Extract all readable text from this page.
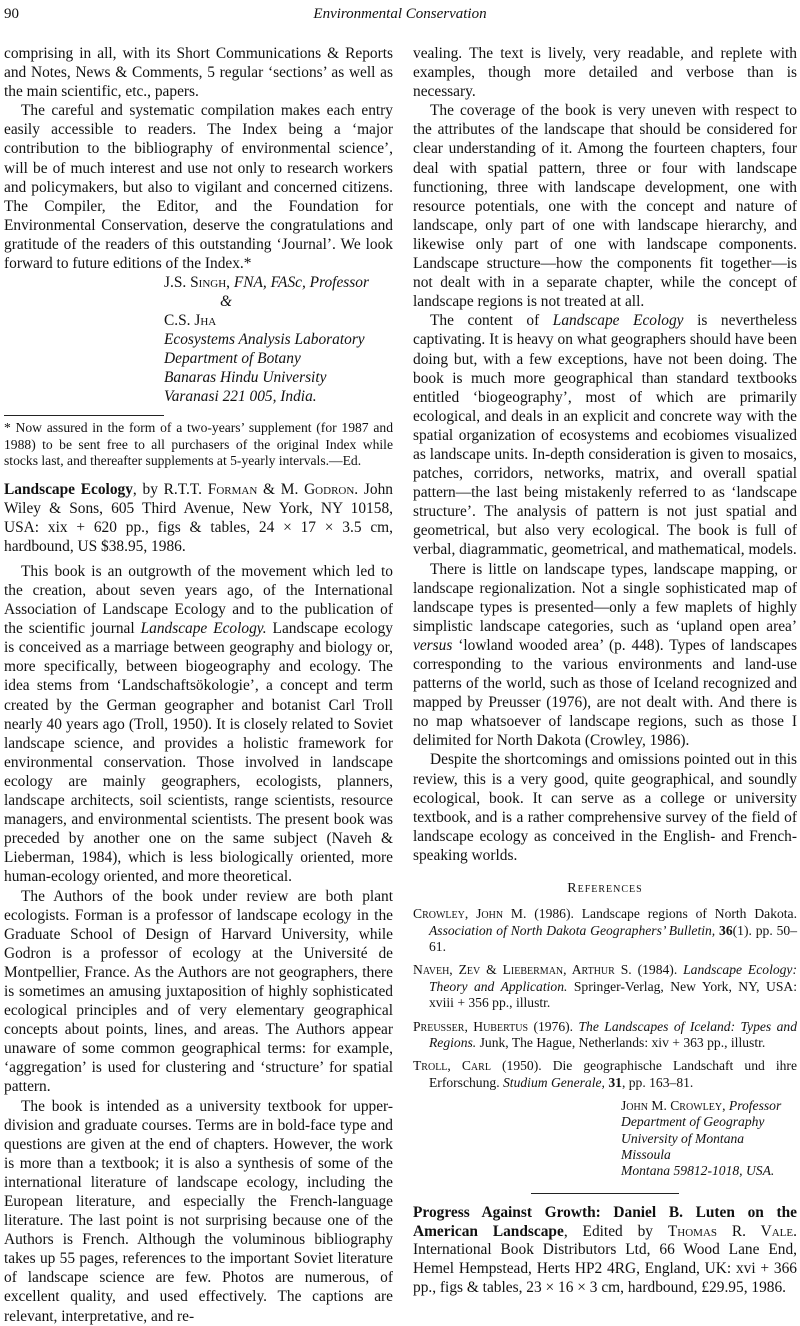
90	Environmental Conservation

comprising in all, with its Short Communications & Reports and Notes, News & Comments, 5 regular ‘sections’ as well as the main scientific, etc., papers.

The careful and systematic compilation makes each entry easily accessible to readers. The Index being a ‘major contribution to the bibliography of environmental science’, will be of much interest and use not only to research workers and policymakers, but also to vigilant and concerned citizens. The Compiler, the Editor, and the Foundation for Environmental Conservation, deserve the congratulations and gratitude of the readers of this outstanding ‘Journal’. We look forward to future editions of the Index.*

J.S. Singh, FNA, FASc, Professor
&
C.S. Jha
Ecosystems Analysis Laboratory
Department of Botany
Banaras Hindu University
Varanasi 221 005, India.
* Now assured in the form of a two-years’ supplement (for 1987 and 1988) to be sent free to all purchasers of the original Index while stocks last, and thereafter supplements at 5-yearly intervals.—Ed.
Landscape Ecology, by R.T.T. Forman & M. Godron. John Wiley & Sons, 605 Third Avenue, New York, NY 10158, USA: xix + 620 pp., figs & tables, 24 × 17 × 3.5 cm, hardbound, US $38.95, 1986.

This book is an outgrowth of the movement which led to the creation, about seven years ago, of the International Association of Landscape Ecology and to the publication of the scientific journal Landscape Ecology. Landscape ecology is conceived as a marriage between geography and biology or, more specifically, between biogeography and ecology. The idea stems from ‘Landschaftsökologie’, a concept and term created by the German geographer and botanist Carl Troll nearly 40 years ago (Troll, 1950). It is closely related to Soviet landscape science, and provides a holistic framework for environmental conservation. Those involved in landscape ecology are mainly geographers, ecologists, planners, landscape architects, soil scientists, range scientists, resource managers, and environmental scientists. The present book was preceded by another one on the same subject (Naveh & Lieberman, 1984), which is less biologically oriented, more human-ecology oriented, and more theoretical.

The Authors of the book under review are both plant ecologists. Forman is a professor of landscape ecology in the Graduate School of Design of Harvard University, while Godron is a professor of ecology at the Université de Montpellier, France. As the Authors are not geographers, there is sometimes an amusing juxtaposition of highly sophisticated ecological principles and of very elementary geographical concepts about points, lines, and areas. The Authors appear unaware of some common geographical terms: for example, ‘aggregation’ is used for clustering and ‘structure’ for spatial pattern.

The book is intended as a university textbook for upper-division and graduate courses. Terms are in bold-face type and questions are given at the end of chapters. However, the work is more than a textbook; it is also a synthesis of some of the international literature of landscape ecology, including the European literature, and especially the French-language literature. The last point is not surprising because one of the Authors is French. Although the voluminous bibliography takes up 55 pages, references to the important Soviet literature of landscape science are few. Photos are numerous, of excellent quality, and used effectively. The captions are relevant, interpretative, and re-

vealing. The text is lively, very readable, and replete with examples, though more detailed and verbose than is necessary.

The coverage of the book is very uneven with respect to the attributes of the landscape that should be considered for clear understanding of it. Among the fourteen chapters, four deal with spatial pattern, three or four with landscape functioning, three with landscape development, one with resource potentials, one with the concept and nature of landscape, only part of one with landscape hierarchy, and likewise only part of one with landscape components. Landscape structure—how the components fit together—is not dealt with in a separate chapter, while the concept of landscape regions is not treated at all.

The content of Landscape Ecology is nevertheless captivating. It is heavy on what geographers should have been doing but, with a few exceptions, have not been doing. The book is much more geographical than standard textbooks entitled ‘biogeography’, most of which are primarily ecological, and deals in an explicit and concrete way with the spatial organization of ecosystems and ecobiomes visualized as landscape units. In-depth consideration is given to mosaics, patches, corridors, networks, matrix, and overall spatial pattern—the last being mistakenly referred to as ‘landscape structure’. The analysis of pattern is not just spatial and geometrical, but also very ecological. The book is full of verbal, diagrammatic, geometrical, and mathematical, models.

There is little on landscape types, landscape mapping, or landscape regionalization. Not a single sophisticated map of landscape types is presented—only a few maplets of highly simplistic landscape categories, such as ‘upland open area’ versus ‘lowland wooded area’ (p. 448). Types of landscapes corresponding to the various environments and land-use patterns of the world, such as those of Iceland recognized and mapped by Preusser (1976), are not dealt with. And there is no map whatsoever of landscape regions, such as those I delimited for North Dakota (Crowley, 1986).

Despite the shortcomings and omissions pointed out in this review, this is a very good, quite geographical, and soundly ecological, book. It can serve as a college or university textbook, and is a rather comprehensive survey of the field of landscape ecology as conceived in the English- and French-speaking worlds.

References
Crowley, John M. (1986). Landscape regions of North Dakota. Association of North Dakota Geographers’ Bulletin, 36(1). pp. 50–61.
Naveh, Zev & Lieberman, Arthur S. (1984). Landscape Ecology: Theory and Application. Springer-Verlag, New York, NY, USA: xviii + 356 pp., illustr.
Preusser, Hubertus (1976). The Landscapes of Iceland: Types and Regions. Junk, The Hague, Netherlands: xiv + 363 pp., illustr.
Troll, Carl (1950). Die geographische Landschaft und ihre Erforschung. Studium Generale, 31, pp. 163–81.
John M. Crowley, Professor
Department of Geography
University of Montana
Missoula
Montana 59812-1018, USA.
Progress Against Growth: Daniel B. Luten on the American Landscape, Edited by Thomas R. Vale. International Book Distributors Ltd, 66 Wood Lane End, Hemel Hempstead, Herts HP2 4RG, England, UK: xvi + 366 pp., figs & tables, 23 × 16 × 3 cm, hardbound, £29.95, 1986.
